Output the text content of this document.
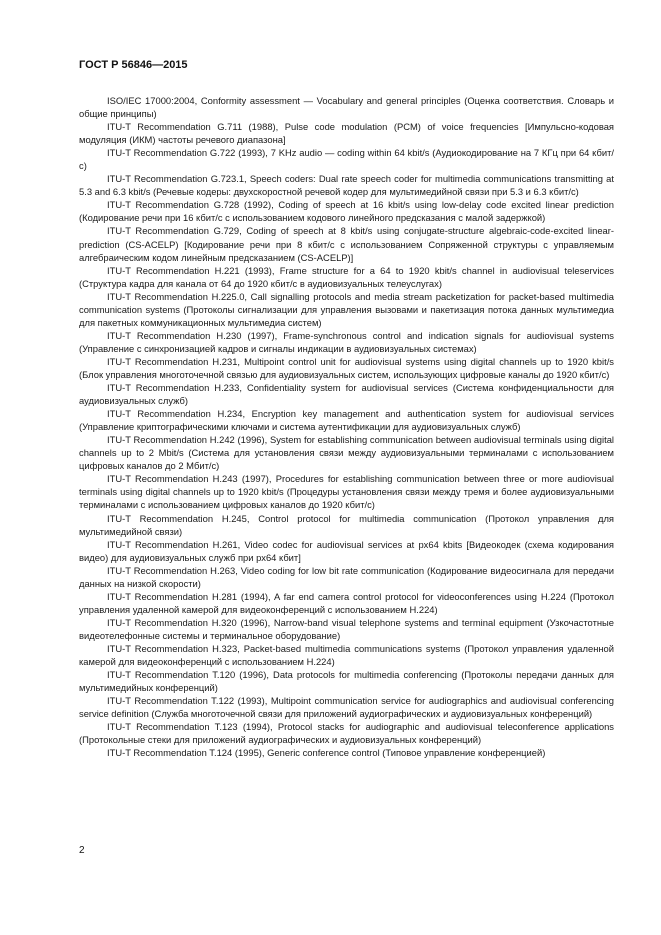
ГОСТ Р 56846—2015

ISO/IEC 17000:2004, Conformity assessment — Vocabulary and general principles (Оценка соответствия. Словарь и общие принципы)

ITU-T Recommendation G.711 (1988), Pulse code modulation (PCM) of voice frequencies [Импульсно-кодовая модуляция (ИКМ) частоты речевого диапазона]

ITU-T Recommendation G.722 (1993), 7 KHz audio — coding within 64 kbit/s (Аудиокодирование на 7 КГц при 64 кбит/с)

ITU-T Recommendation G.723.1, Speech coders: Dual rate speech coder for multimedia communications transmitting at 5.3 and 6.3 kbit/s (Речевые кодеры: двухскоростной речевой кодер для мультимедийной связи при 5.3 и 6.3 кбит/с)

ITU-T Recommendation G.728 (1992), Coding of speech at 16 kbit/s using low-delay code excited linear prediction (Кодирование речи при 16 кбит/с с использованием кодового линейного предсказания с малой задержкой)

ITU-T Recommendation G.729, Coding of speech at 8 kbit/s using conjugate-structure algebraic-code-excited linear-prediction (CS-ACELP) [Кодирование речи при 8 кбит/с с использованием Сопряженной структуры с управляемым алгебраическим кодом линейным предсказанием (CS-ACELP)]

ITU-T Recommendation H.221 (1993), Frame structure for a 64 to 1920 kbit/s channel in audiovisual teleservices (Структура кадра для канала от 64 до 1920 кбит/с в аудиовизуальных телеуслугах)

ITU-T Recommendation H.225.0, Call signalling protocols and media stream packetization for packet-based multimedia communication systems (Протоколы сигнализации для управления вызовами и пакетизация потока данных мультимедиа для пакетных коммуникационных мультимедиа систем)

ITU-T Recommendation H.230 (1997), Frame-synchronous control and indication signals for audiovisual systems (Управление с синхронизацией кадров и сигналы индикации в аудиовизуальных системах)

ITU-T Recommendation H.231, Multipoint control unit for audiovisual systems using digital channels up to 1920 kbit/s (Блок управления многоточечной связью для аудиовизуальных систем, использующих цифровые каналы до 1920 кбит/с)

ITU-T Recommendation H.233, Confidentiality system for audiovisual services (Система конфиденциальности для аудиовизуальных служб)

ITU-T Recommendation H.234, Encryption key management and authentication system for audiovisual services (Управление криптографическими ключами и система аутентификации для аудиовизуальных служб)

ITU-T Recommendation H.242 (1996), System for establishing communication between audiovisual terminals using digital channels up to 2 Mbit/s (Система для установления связи между аудиовизуальными терминалами с использованием цифровых каналов до 2 Мбит/с)

ITU-T Recommendation H.243 (1997), Procedures for establishing communication between three or more audiovisual terminals using digital channels up to 1920 kbit/s (Процедуры установления связи между тремя и более аудиовизуальными терминалами с использованием цифровых каналов до 1920 кбит/с)

ITU-T Recommendation H.245, Control protocol for multimedia communication (Протокол управления для мультимедийной связи)

ITU-T Recommendation H.261, Video codec for audiovisual services at px64 kbits [Видеокодек (схема кодирования видео) для аудиовизуальных служб при px64 кбит]

ITU-T Recommendation H.263, Video coding for low bit rate communication (Кодирование видеосигнала для передачи данных на низкой скорости)

ITU-T Recommendation H.281 (1994), A far end camera control protocol for videoconferences using H.224 (Протокол управления удаленной камерой для видеоконференций с использованием H.224)

ITU-T Recommendation H.320 (1996), Narrow-band visual telephone systems and terminal equipment (Узкочастотные видеотелефонные системы и терминальное оборудование)

ITU-T Recommendation H.323, Packet-based multimedia communications systems (Протокол управления удаленной камерой для видеоконференций с использованием H.224)

ITU-T Recommendation T.120 (1996), Data protocols for multimedia conferencing (Протоколы передачи данных для мультимедийных конференций)

ITU-T Recommendation T.122 (1993), Multipoint communication service for audiographics and audiovisual conferencing service definition (Служба многоточечной связи для приложений аудиографических и аудиовизуальных конференций)

ITU-T Recommendation T.123 (1994), Protocol stacks for audiographic and audiovisual teleconference applications (Протокольные стеки для приложений аудиографических и аудиовизуальных конференций)

ITU-T Recommendation T.124 (1995), Generic conference control (Типовое управление конференцией)

2
